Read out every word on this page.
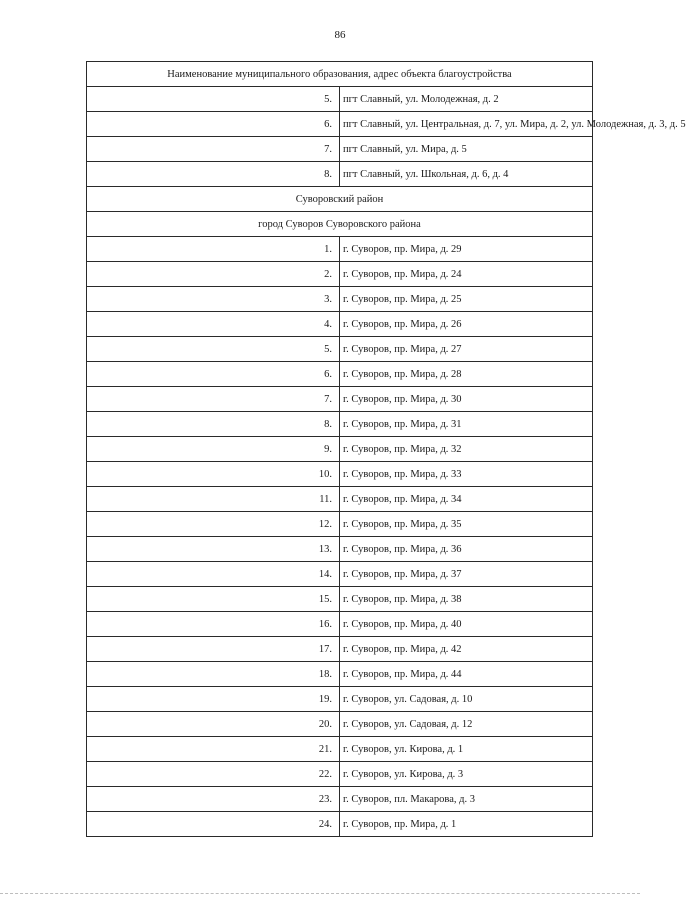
86
Наименование муниципального образования, адрес объекта благоустройства	
5.	пгт Славный, ул. Молодежная, д. 2
6.	пгт Славный, ул. Центральная, д. 7, ул. Мира, д. 2, ул. Молодежная, д. 3, д. 5
7.	пгт Славный, ул. Мира, д. 5
8.	пгт Славный, ул. Школьная, д. 6, д. 4
Суворовский район	
город Суворов Суворовского района	
1.	г. Суворов, пр. Мира, д. 29
2.	г. Суворов, пр. Мира, д. 24
3.	г. Суворов, пр. Мира, д. 25
4.	г. Суворов, пр. Мира, д. 26
5.	г. Суворов, пр. Мира, д. 27
6.	г. Суворов, пр. Мира, д. 28
7.	г. Суворов, пр. Мира, д. 30
8.	г. Суворов, пр. Мира, д. 31
9.	г. Суворов, пр. Мира, д. 32
10.	г. Суворов, пр. Мира, д. 33
11.	г. Суворов, пр. Мира, д. 34
12.	г. Суворов, пр. Мира, д. 35
13.	г. Суворов, пр. Мира, д. 36
14.	г. Суворов, пр. Мира, д. 37
15.	г. Суворов, пр. Мира, д. 38
16.	г. Суворов, пр. Мира, д. 40
17.	г. Суворов, пр. Мира, д. 42
18.	г. Суворов, пр. Мира, д. 44
19.	г. Суворов, ул. Садовая, д. 10
20.	г. Суворов, ул. Садовая, д. 12
21.	г. Суворов, ул. Кирова, д. 1
22.	г. Суворов, ул. Кирова, д. 3
23.	г. Суворов, пл. Макарова, д. 3
24.	г. Суворов, пр. Мира, д. 1
